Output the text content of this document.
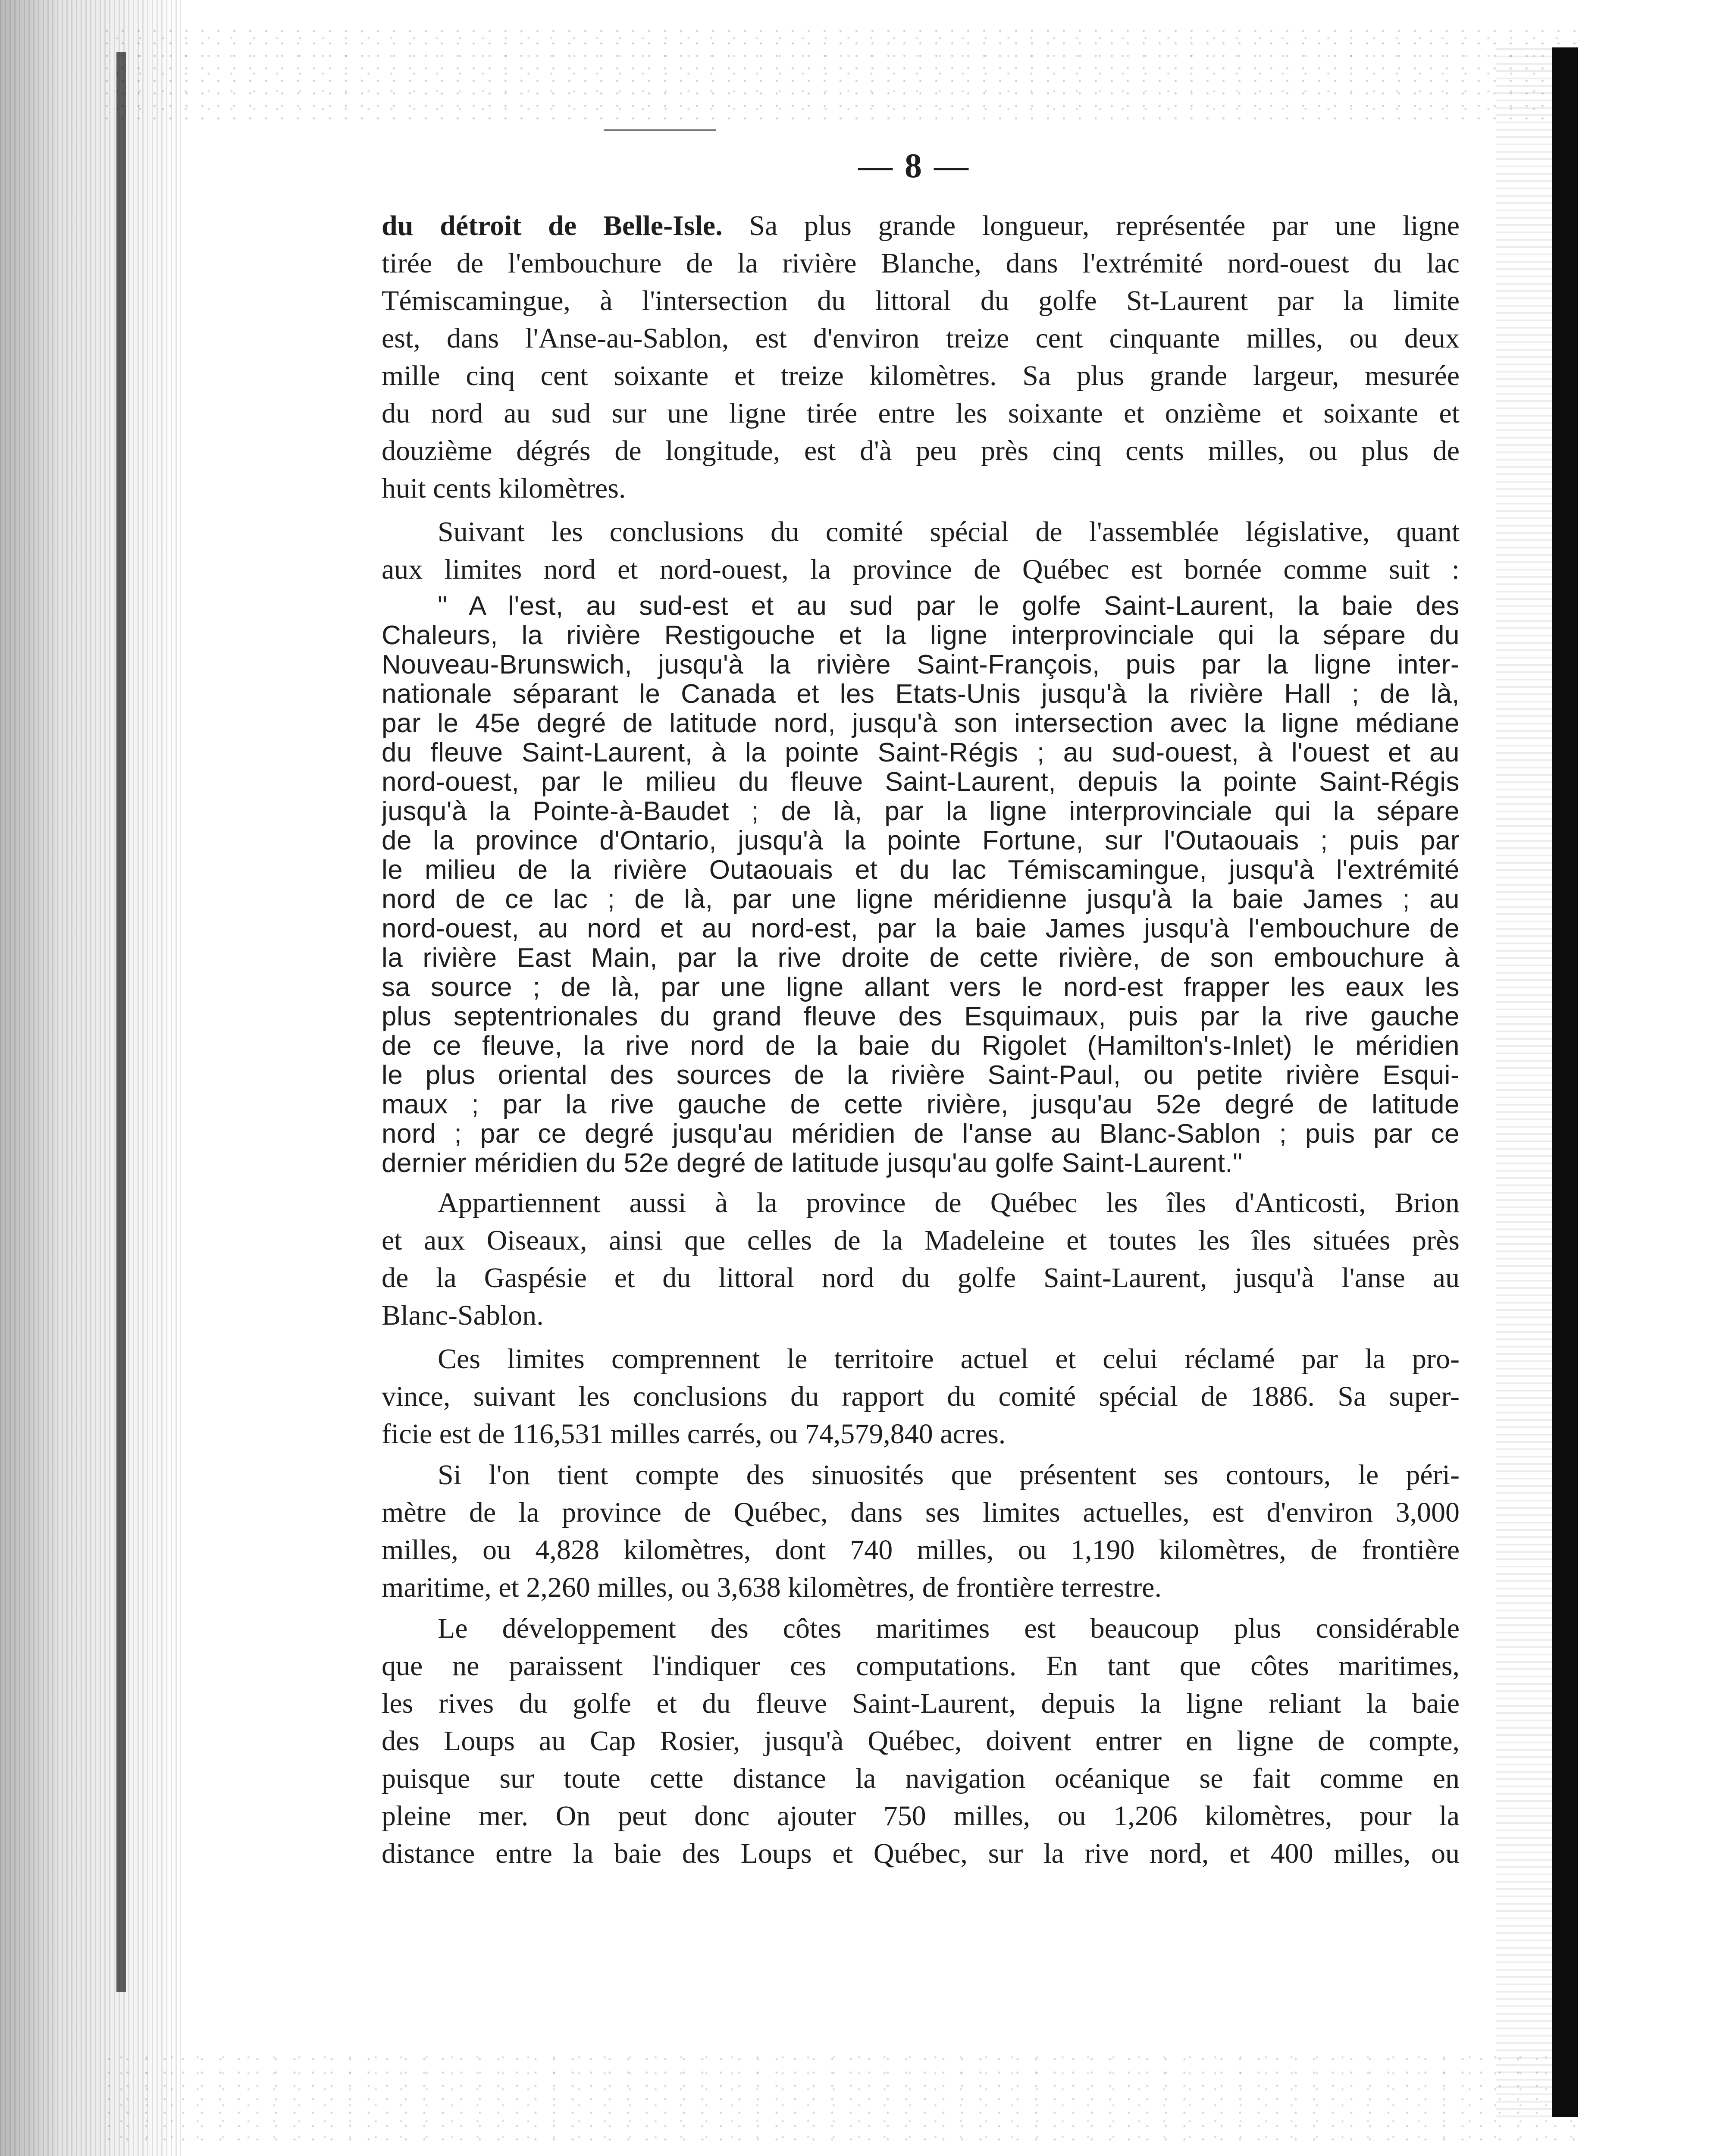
— 8 —
du détroit de Belle-Isle. Sa plus grande longueur, représentée par une ligne
tirée de l'embouchure de la rivière Blanche, dans l'extrémité nord-ouest du lac
Témiscamingue, à l'intersection du littoral du golfe St-Laurent par la limite
est, dans l'Anse-au-Sablon, est d'environ treize cent cinquante milles, ou deux
mille cinq cent soixante et treize kilomètres. Sa plus grande largeur, mesurée
du nord au sud sur une ligne tirée entre les soixante et onzième et soixante et
douzième dégrés de longitude, est d'à peu près cinq cents milles, ou plus de
huit cents kilomètres.
Suivant les conclusions du comité spécial de l'assemblée législative, quant
aux limites nord et nord-ouest, la province de Québec est bornée comme suit :
" A l'est, au sud-est et au sud par le golfe Saint-Laurent, la baie des
Chaleurs, la rivière Restigouche et la ligne interprovinciale qui la sépare du
Nouveau-Brunswich, jusqu'à la rivière Saint-François, puis par la ligne inter-
nationale séparant le Canada et les Etats-Unis jusqu'à la rivière Hall ; de là,
par le 45e degré de latitude nord, jusqu'à son intersection avec la ligne médiane
du fleuve Saint-Laurent, à la pointe Saint-Régis ; au sud-ouest, à l'ouest et au
nord-ouest, par le milieu du fleuve Saint-Laurent, depuis la pointe Saint-Régis
jusqu'à la Pointe-à-Baudet ; de là, par la ligne interprovinciale qui la sépare
de la province d'Ontario, jusqu'à la pointe Fortune, sur l'Outaouais ; puis par
le milieu de la rivière Outaouais et du lac Témiscamingue, jusqu'à l'extrémité
nord de ce lac ; de là, par une ligne méridienne jusqu'à la baie James ; au
nord-ouest, au nord et au nord-est, par la baie James jusqu'à l'embouchure de
la rivière East Main, par la rive droite de cette rivière, de son embouchure à
sa source ; de là, par une ligne allant vers le nord-est frapper les eaux les
plus septentrionales du grand fleuve des Esquimaux, puis par la rive gauche
de ce fleuve, la rive nord de la baie du Rigolet (Hamilton's-Inlet) le méridien
le plus oriental des sources de la rivière Saint-Paul, ou petite rivière Esqui-
maux ; par la rive gauche de cette rivière, jusqu'au 52e degré de latitude
nord ; par ce degré jusqu'au méridien de l'anse au Blanc-Sablon ; puis par ce
dernier méridien du 52e degré de latitude jusqu'au golfe Saint-Laurent."
Appartiennent aussi à la province de Québec les îles d'Anticosti, Brion
et aux Oiseaux, ainsi que celles de la Madeleine et toutes les îles situées près
de la Gaspésie et du littoral nord du golfe Saint-Laurent, jusqu'à l'anse au
Blanc-Sablon.
Ces limites comprennent le territoire actuel et celui réclamé par la pro-
vince, suivant les conclusions du rapport du comité spécial de 1886. Sa super-
ficie est de 116,531 milles carrés, ou 74,579,840 acres.
Si l'on tient compte des sinuosités que présentent ses contours, le péri-
mètre de la province de Québec, dans ses limites actuelles, est d'environ 3,000
milles, ou 4,828 kilomètres, dont 740 milles, ou 1,190 kilomètres, de frontière
maritime, et 2,260 milles, ou 3,638 kilomètres, de frontière terrestre.
Le développement des côtes maritimes est beaucoup plus considérable
que ne paraissent l'indiquer ces computations. En tant que côtes maritimes,
les rives du golfe et du fleuve Saint-Laurent, depuis la ligne reliant la baie
des Loups au Cap Rosier, jusqu'à Québec, doivent entrer en ligne de compte,
puisque sur toute cette distance la navigation océanique se fait comme en
pleine mer. On peut donc ajouter 750 milles, ou 1,206 kilomètres, pour la
distance entre la baie des Loups et Québec, sur la rive nord, et 400 milles, ou
